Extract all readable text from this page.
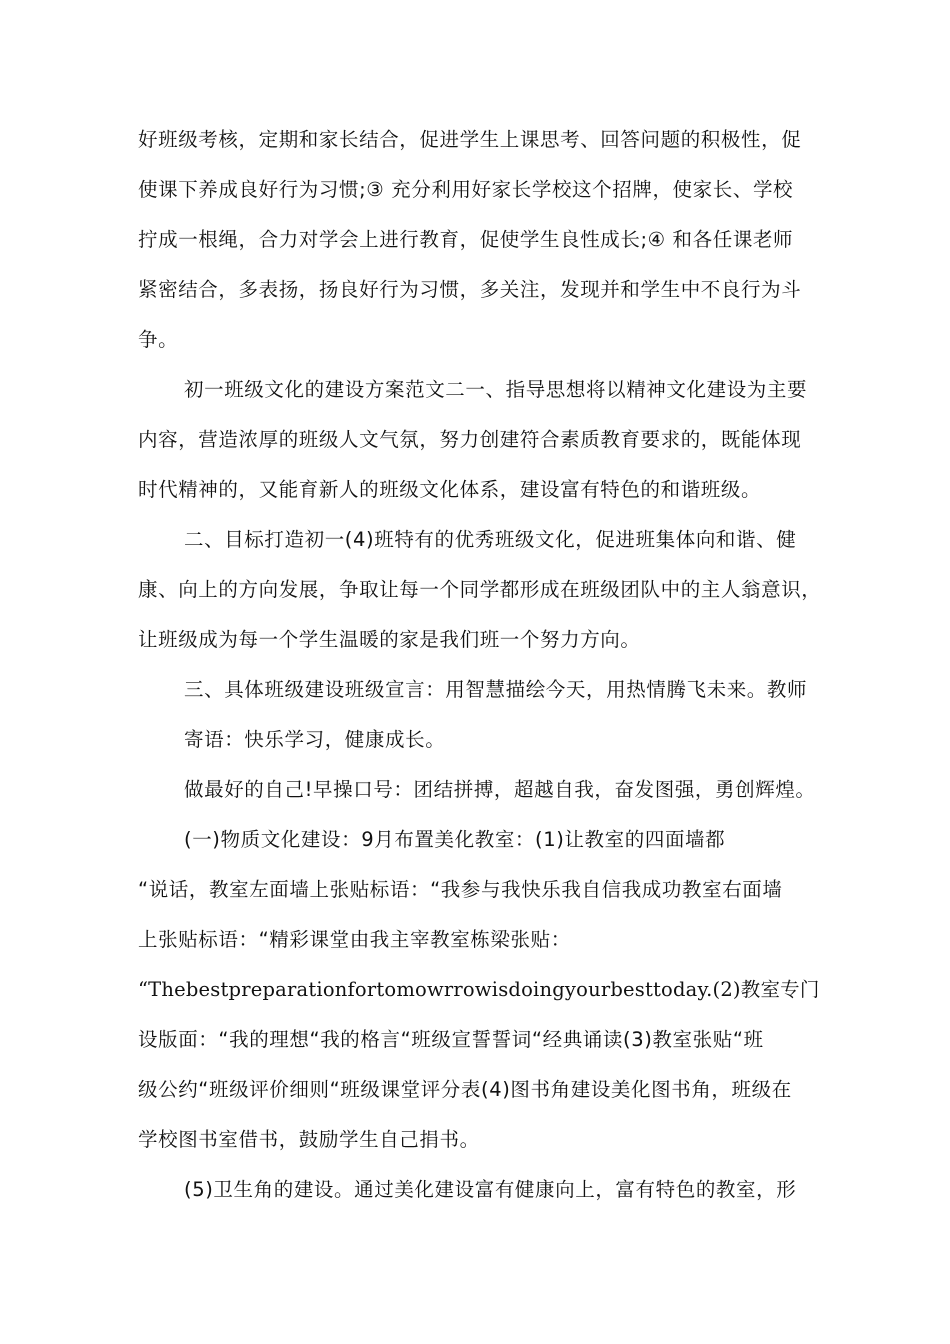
好班级考核，定期和家长结合，促进学生上课思考、回答问题的积极性，促
使课下养成良好行为习惯;③ 充分利用好家长学校这个招牌，使家长、学校
拧成一根绳，合力对学会上进行教育，促使学生良性成长;④ 和各任课老师
紧密结合，多表扬，扬良好行为习惯，多关注，发现并和学生中不良行为斗
争。
初一班级文化的建设方案范文二一、指导思想将以精神文化建设为主要
内容，营造浓厚的班级人文气氛，努力创建符合素质教育要求的，既能体现
时代精神的，又能育新人的班级文化体系，建设富有特色的和谐班级。
二、目标打造初一(4)班特有的优秀班级文化，促进班集体向和谐、健
康、向上的方向发展，争取让每一个同学都形成在班级团队中的主人翁意识，
让班级成为每一个学生温暖的家是我们班一个努力方向。
三、具体班级建设班级宣言：用智慧描绘今天，用热情腾飞未来。教师
寄语：快乐学习，健康成长。
做最好的自己!早操口号：团结拼搏，超越自我，奋发图强，勇创辉煌。
(一)物质文化建设：9月布置美化教室：(1)让教室的四面墙都
“说话，教室左面墙上张贴标语：“我参与我快乐我自信我成功教室右面墙
上张贴标语：“精彩课堂由我主宰教室栋梁张贴：
“Thebestpreparationfortomowrrowisdoingyourbesttoday.(2)教室专门
设版面：“我的理想“我的格言“班级宣誓誓词“经典诵读(3)教室张贴“班
级公约“班级评价细则“班级课堂评分表(4)图书角建设美化图书角，班级在
学校图书室借书，鼓励学生自己捐书。
(5)卫生角的建设。通过美化建设富有健康向上，富有特色的教室，形
